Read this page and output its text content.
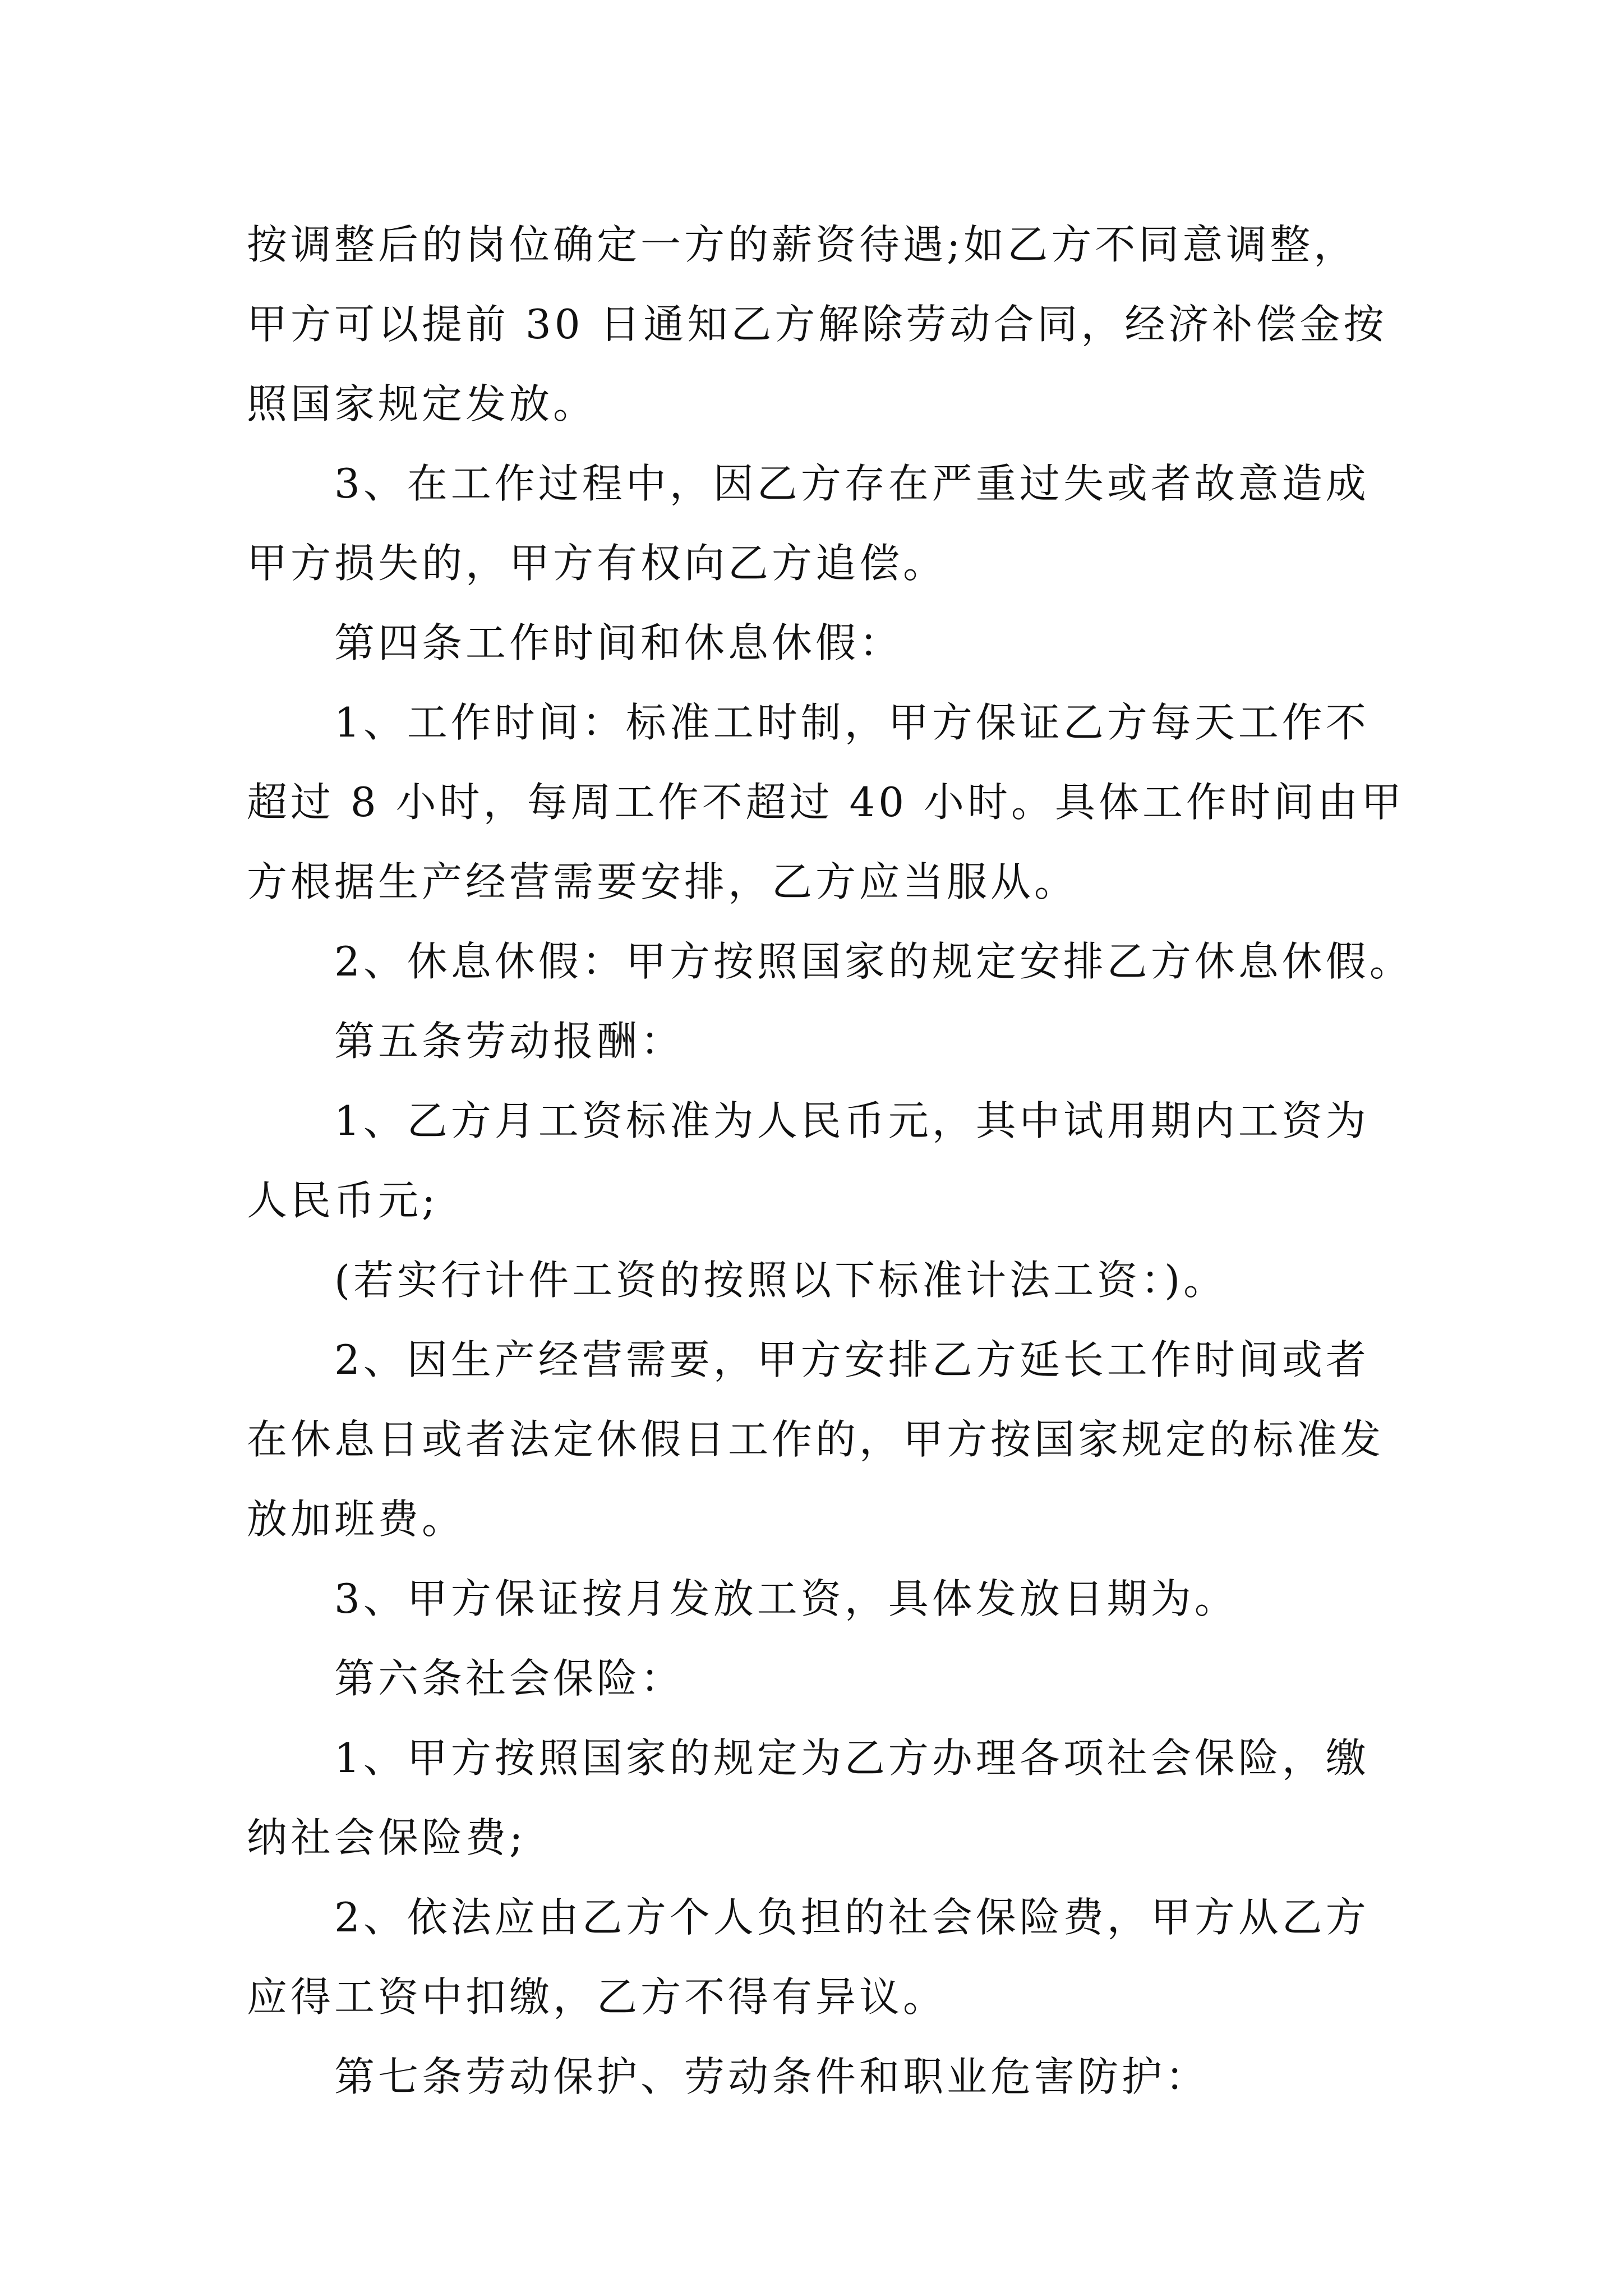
按调整后的岗位确定一方的薪资待遇;如乙方不同意调整，
甲方可以提前 30 日通知乙方解除劳动合同，经济补偿金按
照国家规定发放。
　　3、在工作过程中，因乙方存在严重过失或者故意造成
甲方损失的，甲方有权向乙方追偿。
　　第四条工作时间和休息休假：
　　1、工作时间：标准工时制，甲方保证乙方每天工作不
超过 8 小时，每周工作不超过 40 小时。具体工作时间由甲
方根据生产经营需要安排，乙方应当服从。
　　2、休息休假：甲方按照国家的规定安排乙方休息休假。
　　第五条劳动报酬：
　　1、乙方月工资标准为人民币元，其中试用期内工资为
人民币元;
　　(若实行计件工资的按照以下标准计法工资：)。
　　2、因生产经营需要，甲方安排乙方延长工作时间或者
在休息日或者法定休假日工作的，甲方按国家规定的标准发
放加班费。
　　3、甲方保证按月发放工资，具体发放日期为。
　　第六条社会保险：
　　1、甲方按照国家的规定为乙方办理各项社会保险，缴
纳社会保险费;
　　2、依法应由乙方个人负担的社会保险费，甲方从乙方
应得工资中扣缴，乙方不得有异议。
　　第七条劳动保护、劳动条件和职业危害防护：
